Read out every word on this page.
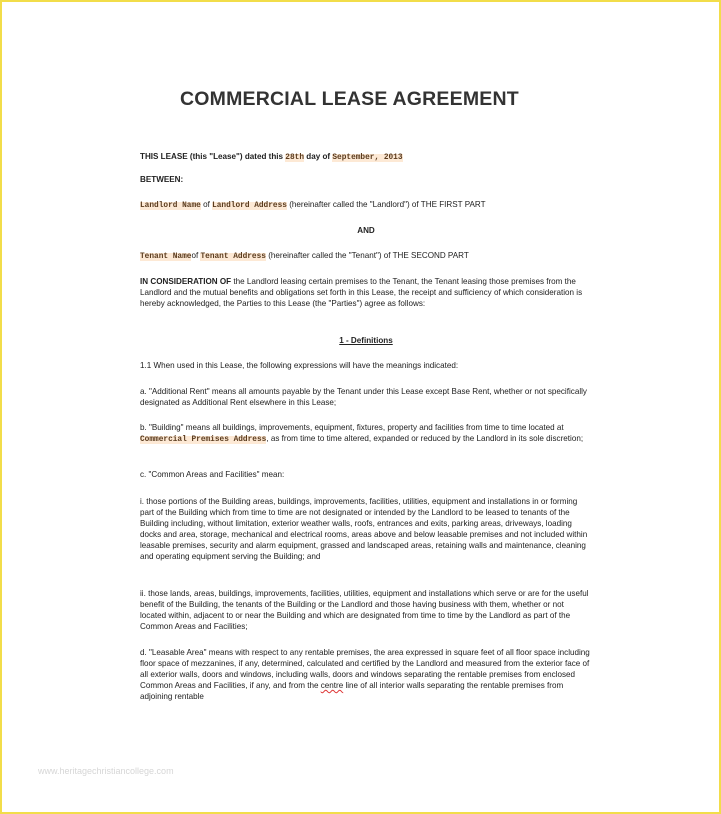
COMMERCIAL LEASE AGREEMENT

THIS LEASE (this "Lease") dated this 28th day of September, 2013

BETWEEN:

Landlord Name of Landlord Address (hereinafter called the "Landlord") of THE FIRST PART

AND

Tenant Nameof Tenant Address (hereinafter called the "Tenant") of THE SECOND PART

IN CONSIDERATION OF the Landlord leasing certain premises to the Tenant, the Tenant leasing those premises from the Landlord and the mutual benefits and obligations set forth in this Lease, the receipt and sufficiency of which consideration is hereby acknowledged, the Parties to this Lease (the "Parties") agree as follows:

1 - Definitions

1.1 When used in this Lease, the following expressions will have the meanings indicated:

a. "Additional Rent" means all amounts payable by the Tenant under this Lease except Base Rent, whether or not specifically designated as Additional Rent elsewhere in this Lease;

b. "Building" means all buildings, improvements, equipment, fixtures, property and facilities from time to time located at Commercial Premises Address, as from time to time altered, expanded or reduced by the Landlord in its sole discretion;

c. "Common Areas and Facilities" mean:

i. those portions of the Building areas, buildings, improvements, facilities, utilities, equipment and installations in or forming part of the Building which from time to time are not designated or intended by the Landlord to be leased to tenants of the Building including, without limitation, exterior weather walls, roofs, entrances and exits, parking areas, driveways, loading docks and area, storage, mechanical and electrical rooms, areas above and below leasable premises and not included within leasable premises, security and alarm equipment, grassed and landscaped areas, retaining walls and maintenance, cleaning and operating equipment serving the Building; and

ii. those lands, areas, buildings, improvements, facilities, utilities, equipment and installations which serve or are for the useful benefit of the Building, the tenants of the Building or the Landlord and those having business with them, whether or not located within, adjacent to or near the Building and which are designated from time to time by the Landlord as part of the Common Areas and Facilities;

d. "Leasable Area" means with respect to any rentable premises, the area expressed in square feet of all floor space including floor space of mezzanines, if any, determined, calculated and certified by the Landlord and measured from the exterior face of all exterior walls, doors and windows, including walls, doors and windows separating the rentable premises from enclosed Common Areas and Facilities, if any, and from the centre line of all interior walls separating the rentable premises from adjoining rentable

www.heritagechristiancollege.com
